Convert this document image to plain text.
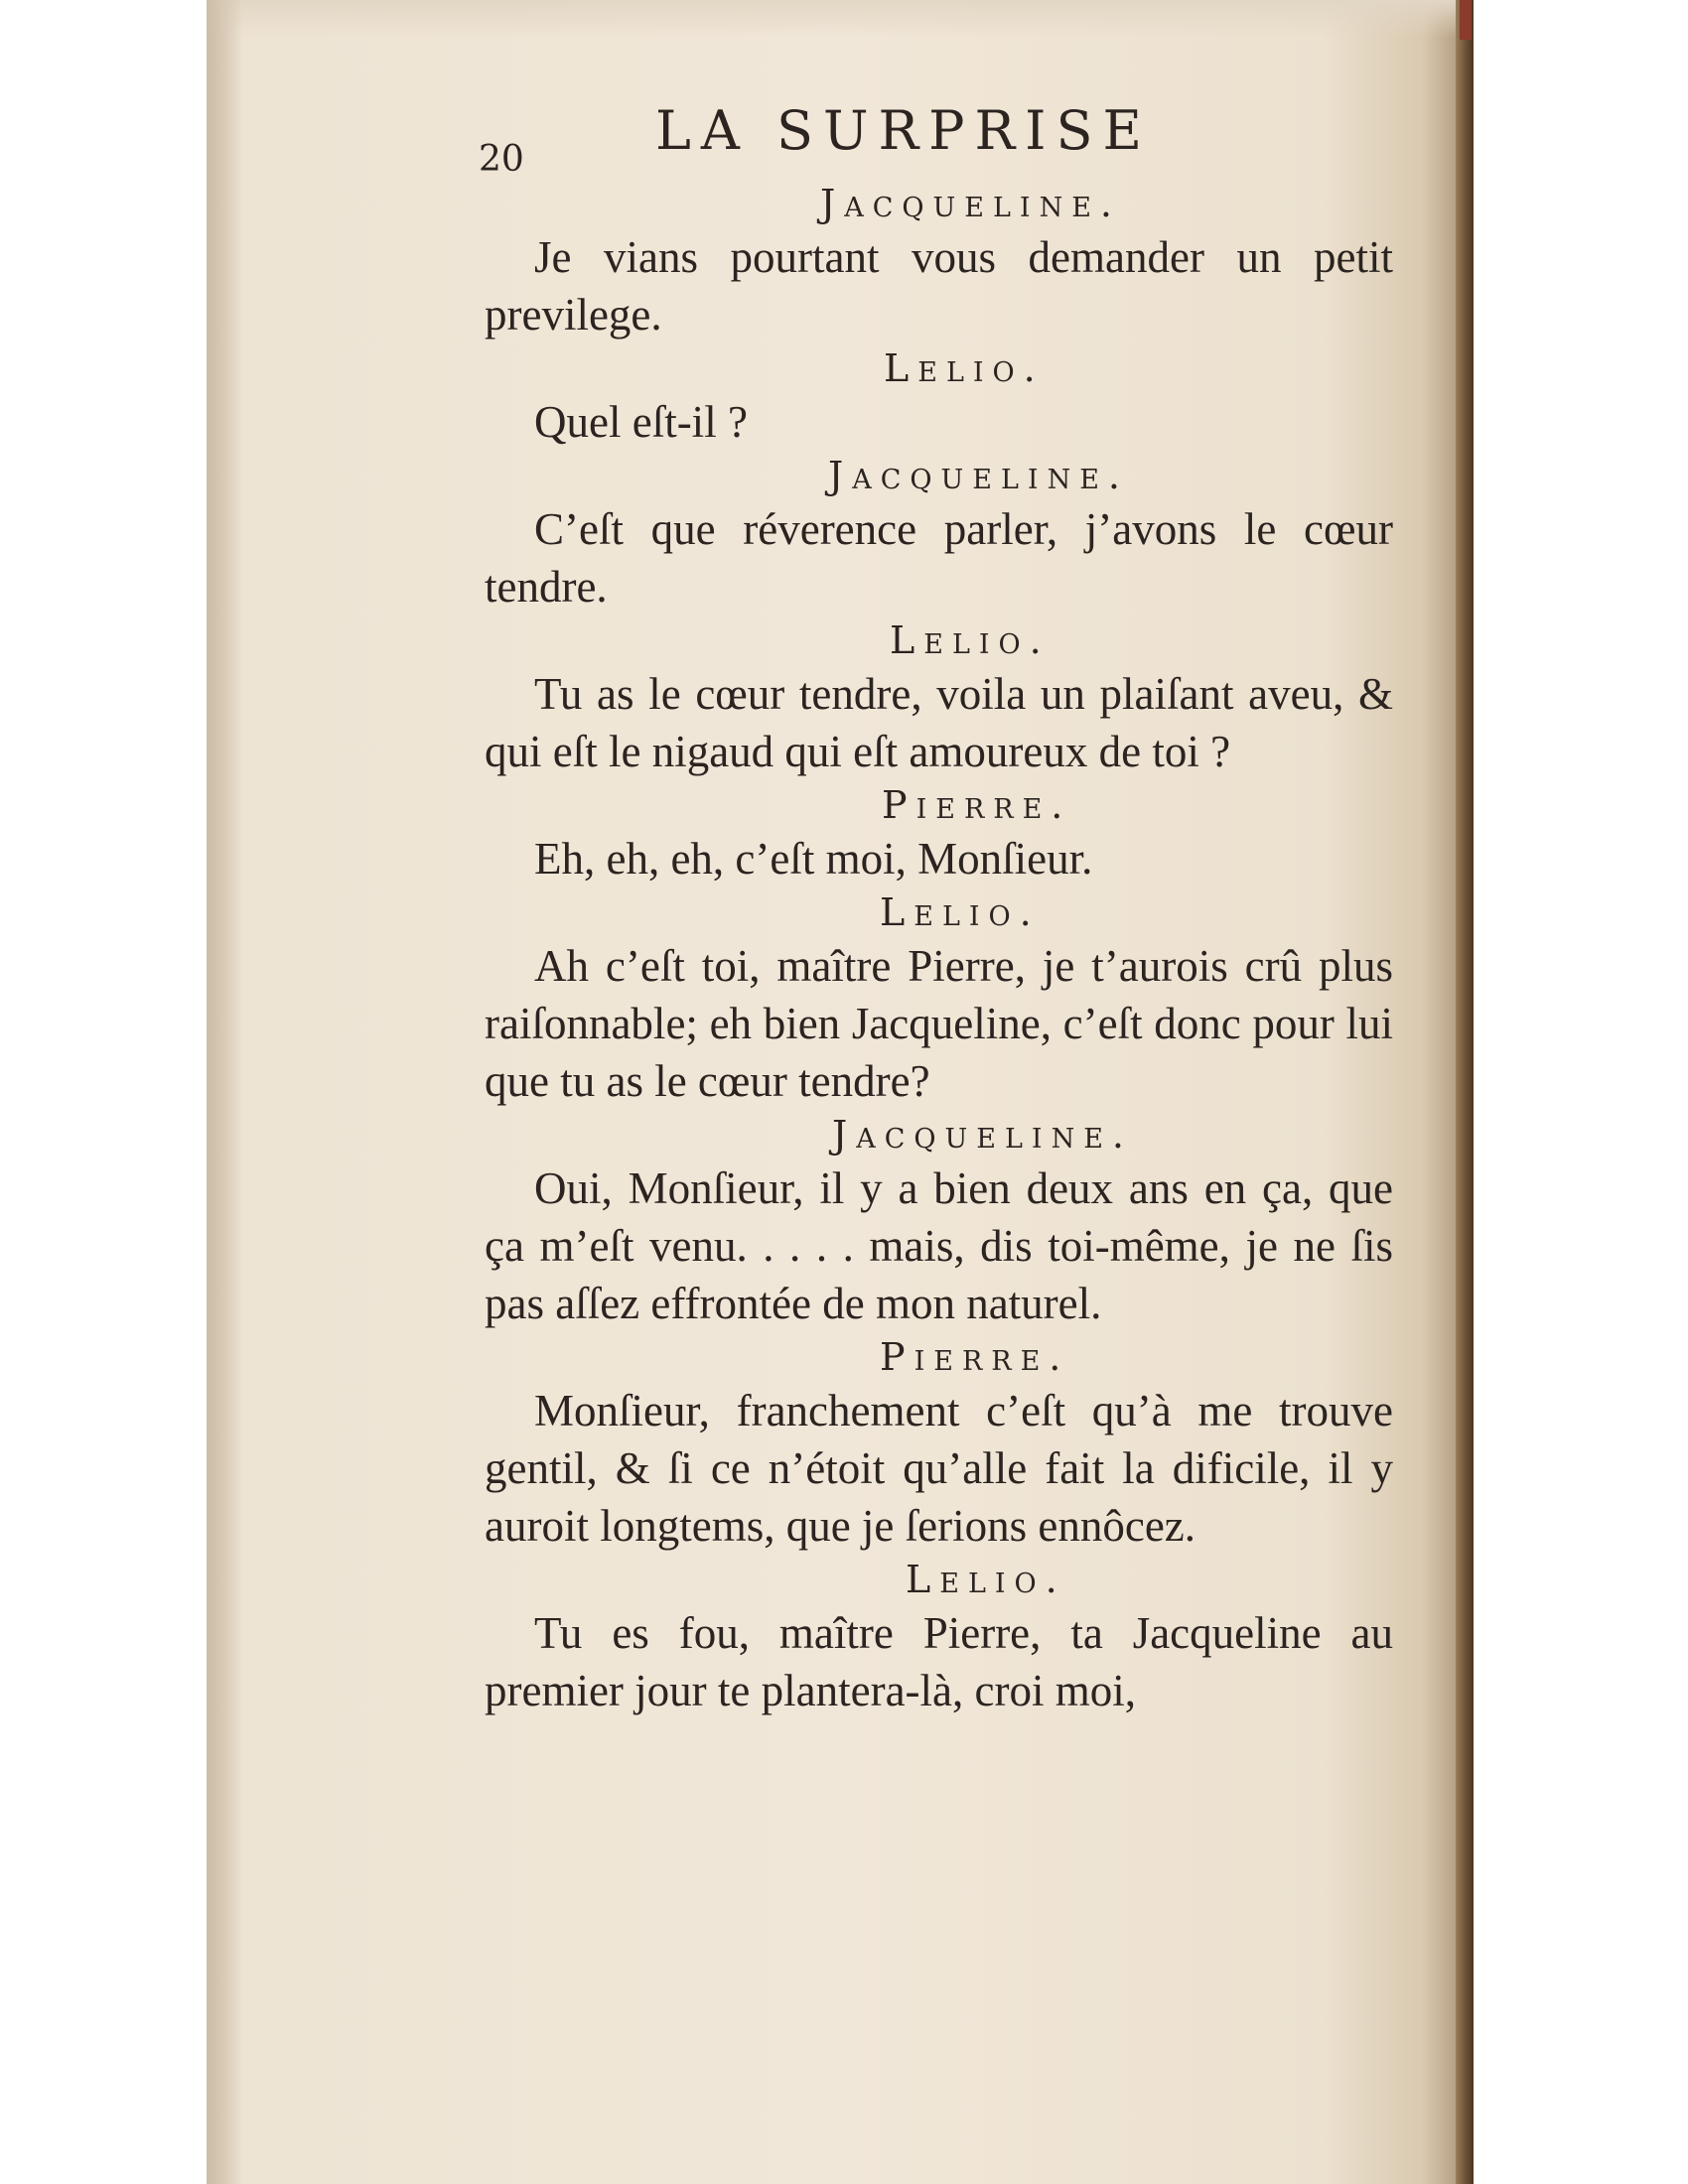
20 LA SURPRISE
Jacqueline.

Je vians pourtant vous demander un petit previlege.

Lelio.

Quel eſt-il ?

Jacqueline.

C’eſt que réverence parler, j’avons le cœur tendre.

Lelio.

Tu as le cœur tendre, voila un plaiſant aveu, & qui eſt le nigaud qui eſt amoureux de toi ?

Pierre.

Eh, eh, eh, c’eſt moi, Monſieur.

Lelio.

Ah c’eſt toi, maître Pierre, je t’aurois crû plus raiſonnable; eh bien Jacqueline, c’eſt donc pour lui que tu as le cœur tendre?

Jacqueline.

Oui, Monſieur, il y a bien deux ans en ça, que ça m’eſt venu. . . . . mais, dis toi-même, je ne ſis pas aſſez effrontée de mon naturel.

Pierre.

Monſieur, franchement c’eſt qu’à me trouve gentil, & ſi ce n’étoit qu’alle fait la dificile, il y auroit longtems, que je ſerions ennôcez.

Lelio.

Tu es fou, maître Pierre, ta Jacqueline au premier jour te plantera-là, croi moi,
